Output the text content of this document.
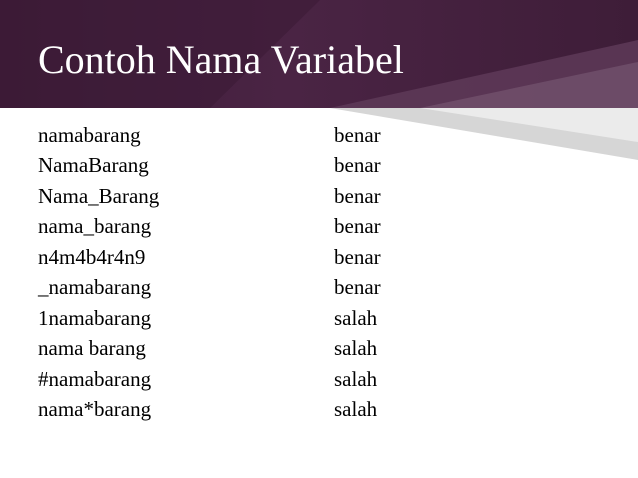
Contoh Nama Variabel
namabarang	benar
NamaBarang	benar
Nama_Barang	benar
nama_barang	benar
n4m4b4r4n9	benar
_namabarang	benar
1namabarang	salah
nama barang	salah
#namabarang	salah
nama*barang	salah
